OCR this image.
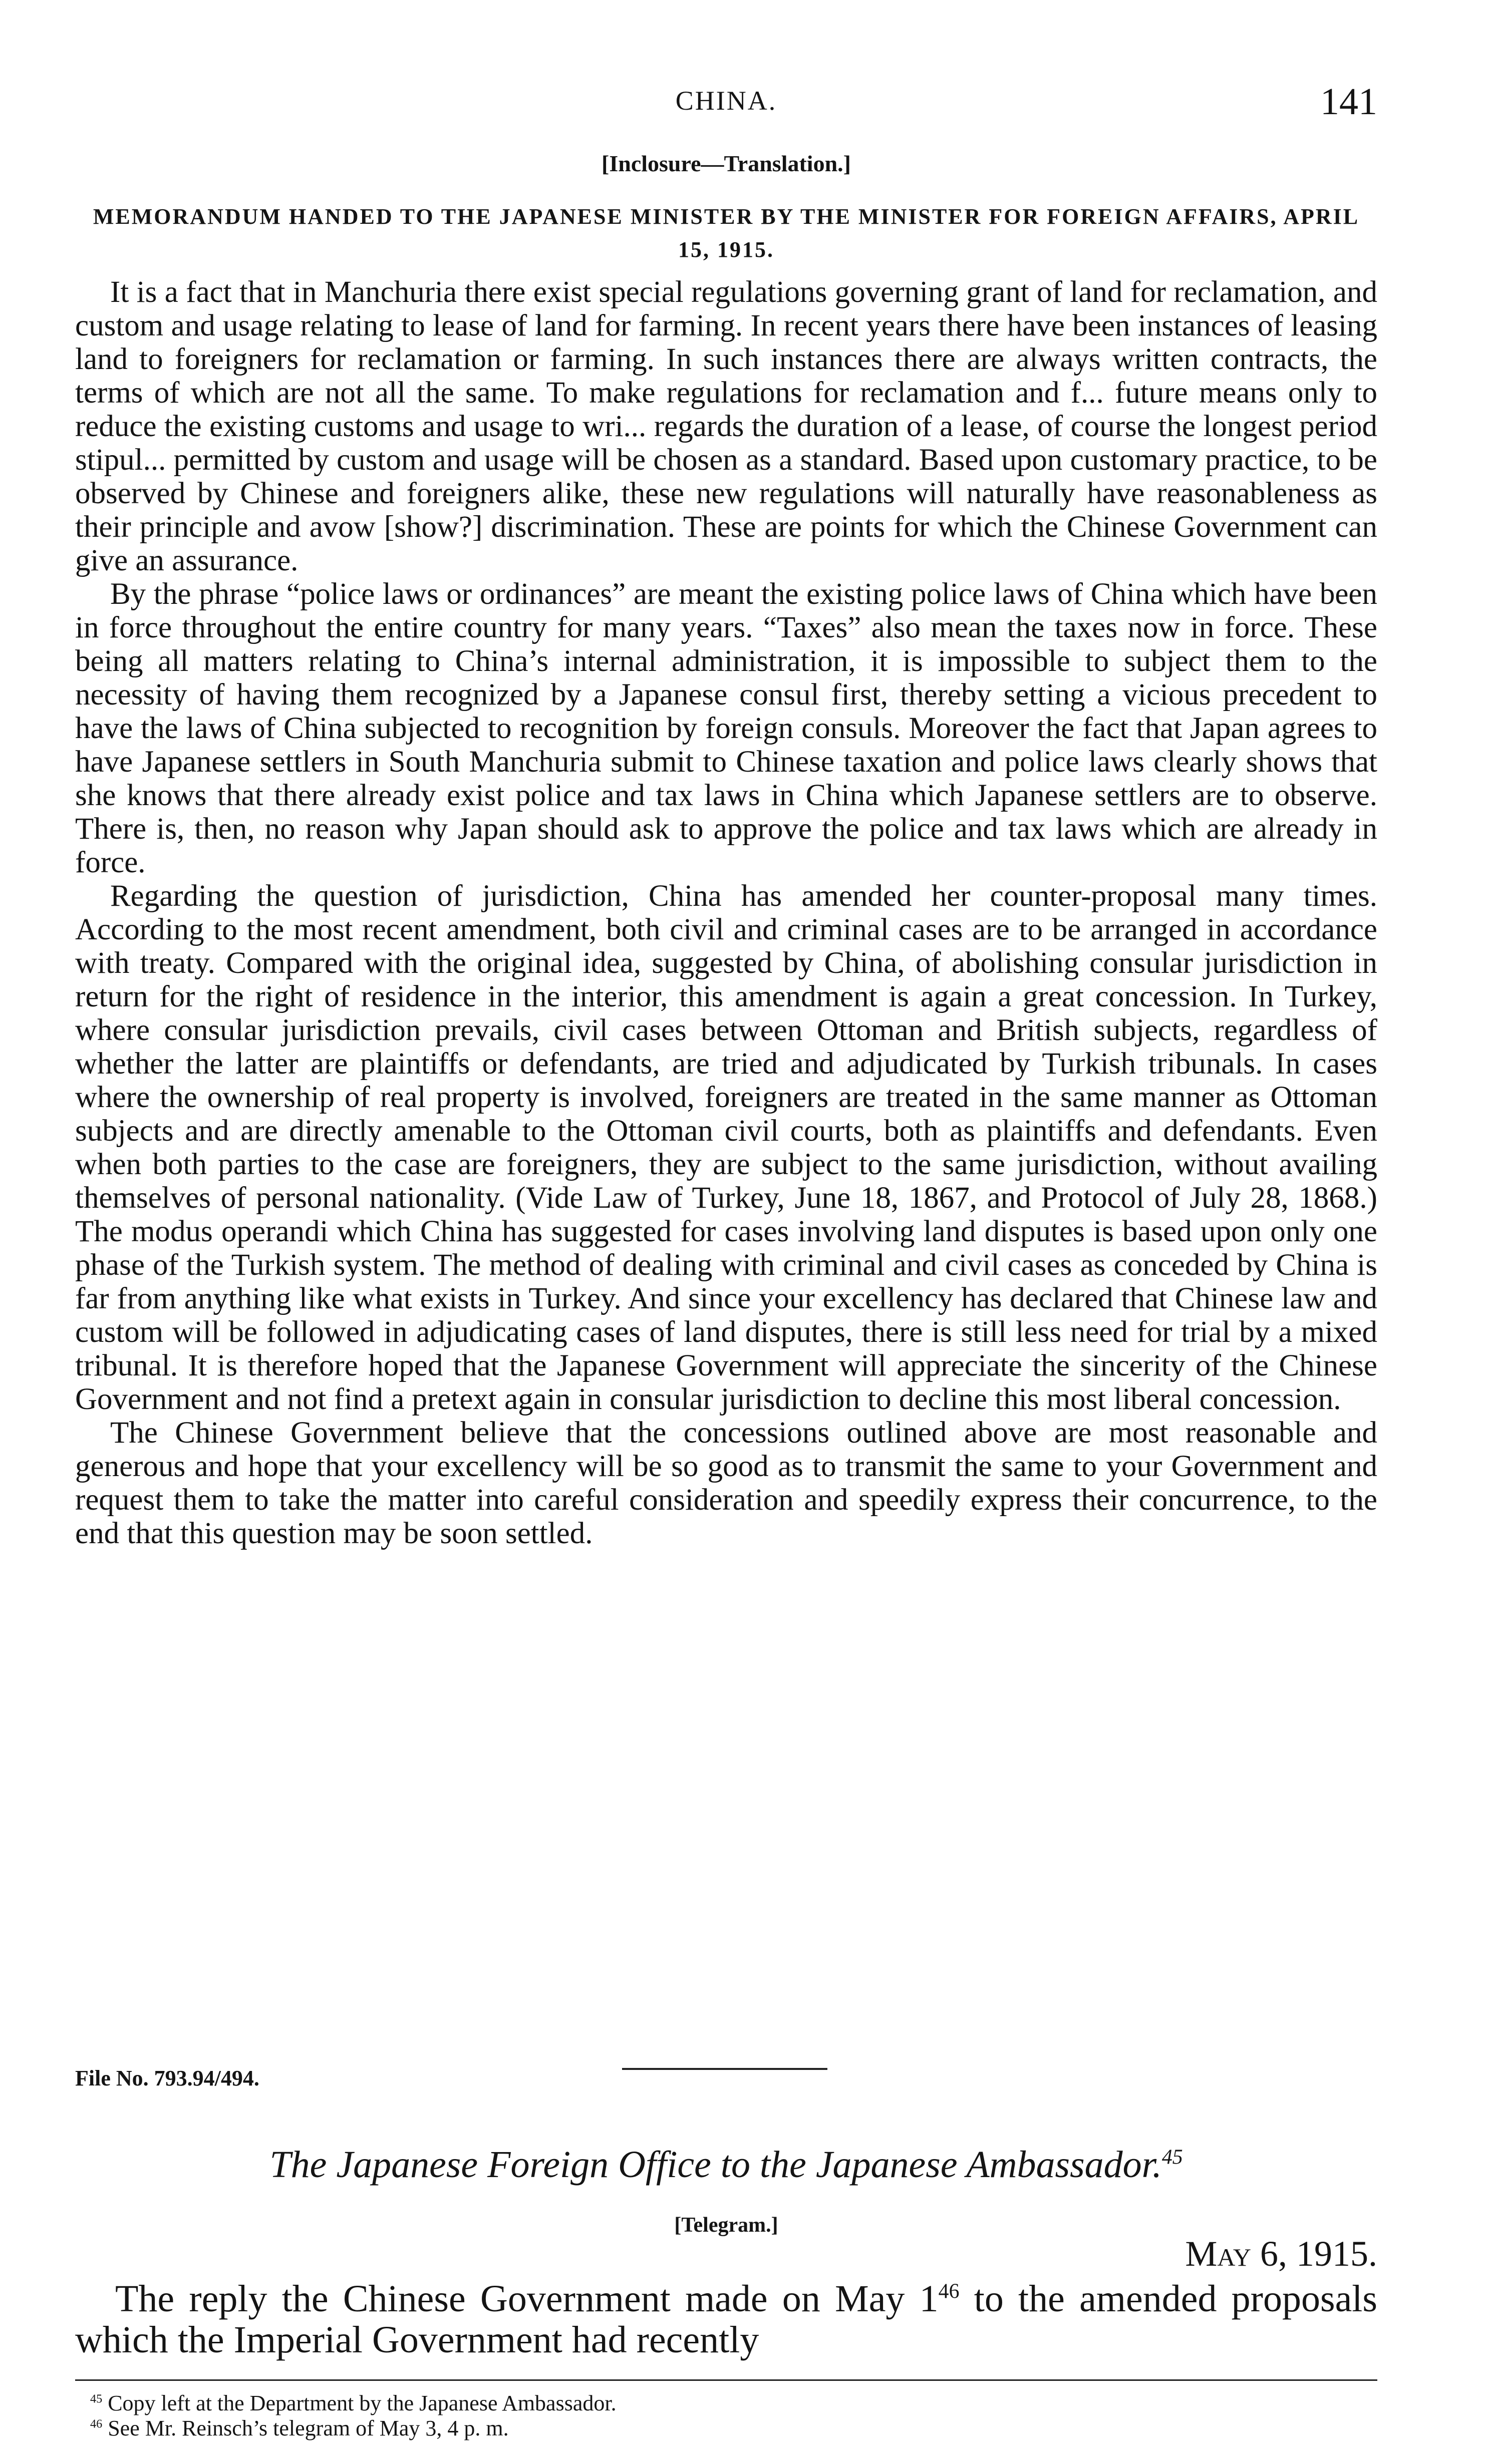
CHINA.	141
[Inclosure—Translation.]
MEMORANDUM HANDED TO THE JAPANESE MINISTER BY THE MINISTER FOR FOREIGN AFFAIRS, APRIL 15, 1915.

It is a fact that in Manchuria there exist special regulations governing grant of land for reclamation, and custom and usage relating to lease of land for farming. In recent years there have been instances of leasing land to foreigners for reclamation or farming. In such instances there are always written contracts, the terms of which are not all the same. To make regulations for reclamation and f... future means only to reduce the existing customs and usage to wri... regards the duration of a lease, of course the longest period stipul... permitted by custom and usage will be chosen as a standard. Based upon customary practice, to be observed by Chinese and foreigners alike, these new regulations will naturally have reasonableness as their principle and avow [show?] discrimination. These are points for which the Chinese Government can give an assurance.

By the phrase “police laws or ordinances” are meant the existing police laws of China which have been in force throughout the entire country for many years. “Taxes” also mean the taxes now in force. These being all matters relating to China’s internal administration, it is impossible to subject them to the necessity of having them recognized by a Japanese consul first, thereby setting a vicious precedent to have the laws of China subjected to recognition by foreign consuls. Moreover the fact that Japan agrees to have Japanese settlers in South Manchuria submit to Chinese taxation and police laws clearly shows that she knows that there already exist police and tax laws in China which Japanese settlers are to observe. There is, then, no reason why Japan should ask to approve the police and tax laws which are already in force.

Regarding the question of jurisdiction, China has amended her counter-proposal many times. According to the most recent amendment, both civil and criminal cases are to be arranged in accordance with treaty. Compared with the original idea, suggested by China, of abolishing consular jurisdiction in return for the right of residence in the interior, this amendment is again a great concession. In Turkey, where consular jurisdiction prevails, civil cases between Ottoman and British subjects, regardless of whether the latter are plaintiffs or defendants, are tried and adjudicated by Turkish tribunals. In cases where the ownership of real property is involved, foreigners are treated in the same manner as Ottoman subjects and are directly amenable to the Ottoman civil courts, both as plaintiffs and defendants. Even when both parties to the case are foreigners, they are subject to the same jurisdiction, without availing themselves of personal nationality. (Vide Law of Turkey, June 18, 1867, and Protocol of July 28, 1868.) The modus operandi which China has suggested for cases involving land disputes is based upon only one phase of the Turkish system. The method of dealing with criminal and civil cases as conceded by China is far from anything like what exists in Turkey. And since your excellency has declared that Chinese law and custom will be followed in adjudicating cases of land disputes, there is still less need for trial by a mixed tribunal. It is therefore hoped that the Japanese Government will appreciate the sincerity of the Chinese Government and not find a pretext again in consular jurisdiction to decline this most liberal concession.

The Chinese Government believe that the concessions outlined above are most reasonable and generous and hope that your excellency will be so good as to transmit the same to your Government and request them to take the matter into careful consideration and speedily express their concurrence, to the end that this question may be soon settled.

File No. 793.94/494.
The Japanese Foreign Office to the Japanese Ambassador.$^{45}$
[Telegram.]
May 6, 1915.

The reply the Chinese Government made on May $1^{46}$ to the amended proposals which the Imperial Government had recently

$^{45}$ Copy left at the Department by the Japanese Ambassador.

$^{46}$ See Mr. Reinsch’s telegram of May 3, 4 p. m.
